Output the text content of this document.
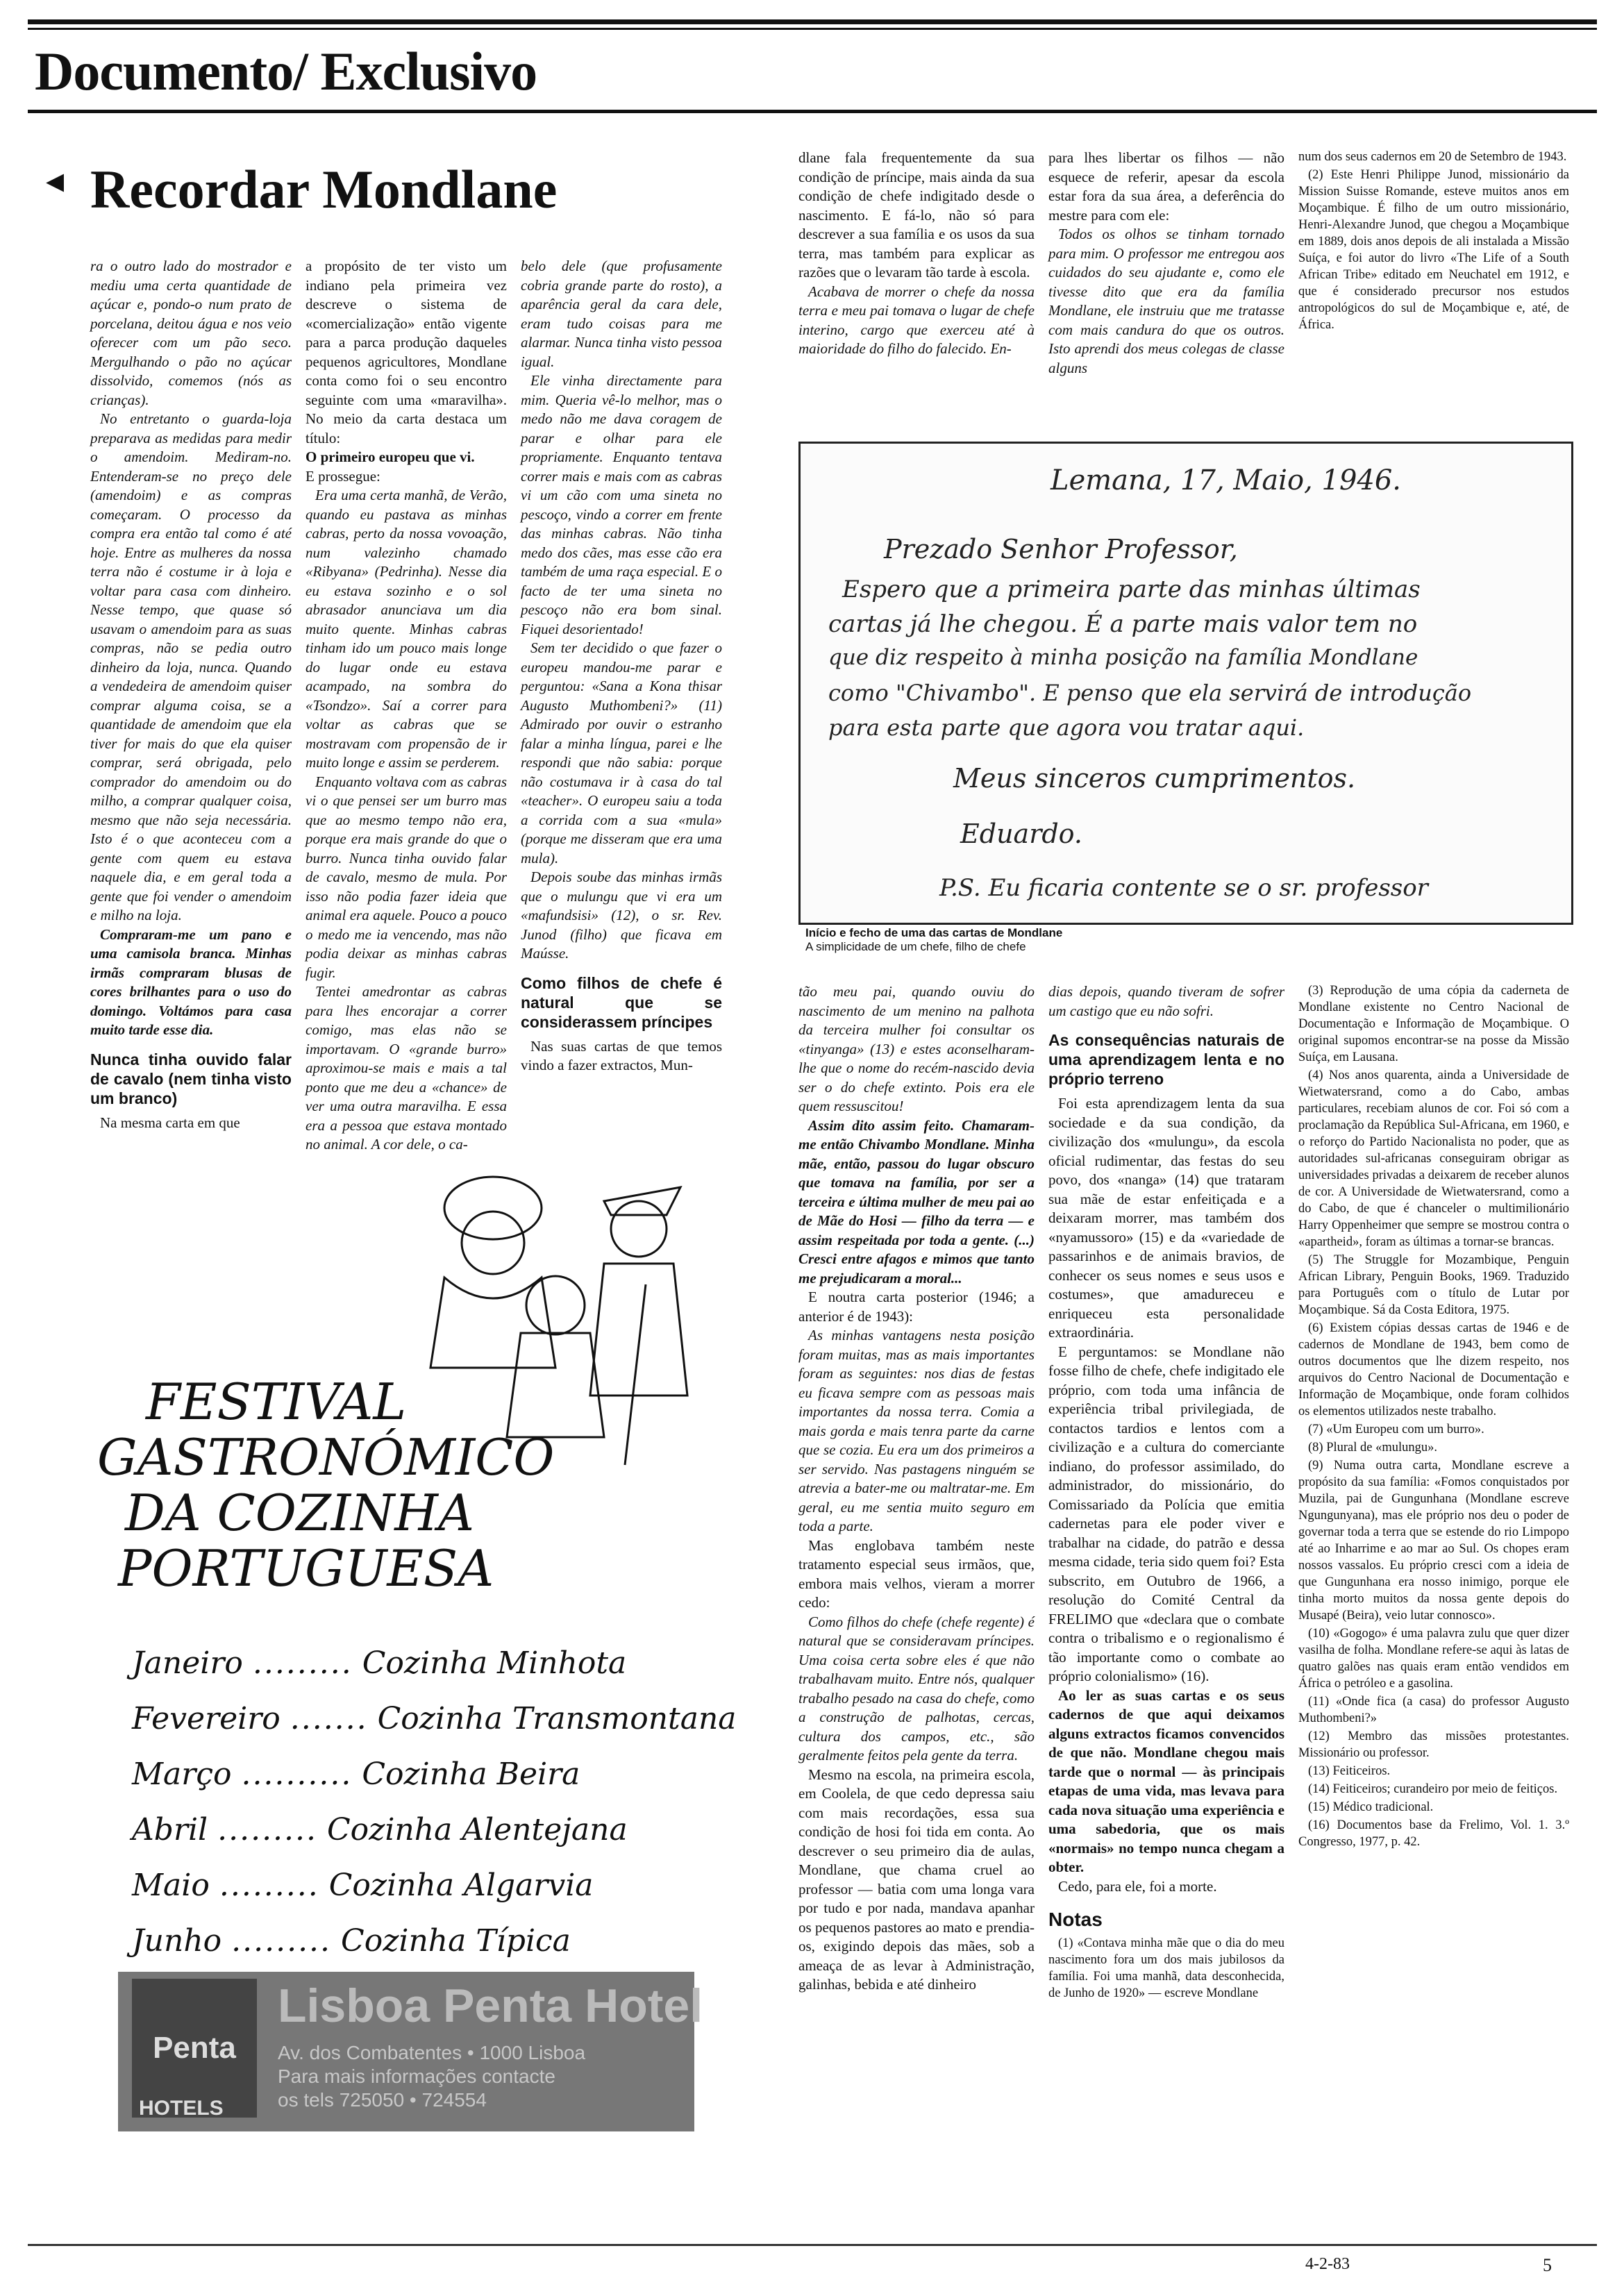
Documento/ Exclusivo
◂ Recordar Mondlane

ra o outro lado do mostrador e mediu uma certa quantidade de açúcar e, pondo-o num prato de porcelana, deitou água e nos veio oferecer com um pão seco. Mergulhando o pão no açúcar dissolvido, comemos (nós as crianças).

No entretanto o guarda-loja preparava as medidas para medir o amendoim. Mediram-no. Entenderam-se no preço dele (amendoim) e as compras começaram. O processo da compra era então tal como é até hoje. Entre as mulheres da nossa terra não é costume ir à loja e voltar para casa com dinheiro. Nesse tempo, que quase só usavam o amendoim para as suas compras, não se pedia outro dinheiro da loja, nunca. Quando a vendedeira de amendoim quiser comprar alguma coisa, se a quantidade de amendoim que ela tiver for mais do que ela quiser comprar, será obrigada, pelo comprador do amendoim ou do milho, a comprar qualquer coisa, mesmo que não seja necessária. Isto é o que aconteceu com a gente com quem eu estava naquele dia, e em geral toda a gente que foi vender o amendoim e milho na loja.

Compraram-me um pano e uma camisola branca. Minhas irmãs compraram blusas de cores brilhantes para o uso do domingo. Voltámos para casa muito tarde esse dia.

Nunca tinha ouvido falar de cavalo (nem tinha visto um branco)

Na mesma carta em que

a propósito de ter visto um indiano pela primeira vez descreve o sistema de «comercialização» então vigente para a parca produção daqueles pequenos agricultores, Mondlane conta como foi o seu encontro seguinte com uma «maravilha». No meio da carta destaca um título:

O primeiro europeu que vi.

E prossegue:

Era uma certa manhã, de Verão, quando eu pastava as minhas cabras, perto da nossa vovoação, num valezinho chamado «Ribyana» (Pedrinha). Nesse dia eu estava sozinho e o sol abrasador anunciava um dia muito quente. Minhas cabras tinham ido um pouco mais longe do lugar onde eu estava acampado, na sombra do «Tsondzo». Saí a correr para voltar as cabras que se mostravam com propensão de ir muito longe e assim se perderem.

Enquanto voltava com as cabras vi o que pensei ser um burro mas que ao mesmo tempo não era, porque era mais grande do que o burro. Nunca tinha ouvido falar de cavalo, mesmo de mula. Por isso não podia fazer ideia que animal era aquele. Pouco a pouco o medo me ia vencendo, mas não podia deixar as minhas cabras fugir.

Tentei amedrontar as cabras para lhes encorajar a correr comigo, mas elas não se importavam. O «grande burro» aproximou-se mais e mais a tal ponto que me deu a «chance» de ver uma outra maravilha. E essa era a pessoa que estava montado no animal. A cor dele, o ca-

belo dele (que profusamente cobria grande parte do rosto), a aparência geral da cara dele, eram tudo coisas para me alarmar. Nunca tinha visto pessoa igual.

Ele vinha directamente para mim. Queria vê-lo melhor, mas o medo não me dava coragem de parar e olhar para ele propriamente. Enquanto tentava correr mais e mais com as cabras vi um cão com uma sineta no pescoço, vindo a correr em frente das minhas cabras. Não tinha medo dos cães, mas esse cão era também de uma raça especial. E o facto de ter uma sineta no pescoço não era bom sinal. Fiquei desorientado!

Sem ter decidido o que fazer o europeu mandou-me parar e perguntou: «Sana a Kona thisar Augusto Muthombeni?» (11) Admirado por ouvir o estranho falar a minha língua, parei e lhe respondi que não sabia: porque não costumava ir à casa do tal «teacher». O europeu saiu a toda a corrida com a sua «mula» (porque me disseram que era uma mula).

Depois soube das minhas irmãs que o mulungu que vi era um «mafundsisi» (12), o sr. Rev. Junod (filho) que ficava em Maússe.

Como filhos de chefe é natural que se considerassem príncipes

Nas suas cartas de que temos vindo a fazer extractos, Mun-

dlane fala frequentemente da sua condição de príncipe, mais ainda da sua condição de chefe indigitado desde o nascimento. E fá-lo, não só para descrever a sua família e os usos da sua terra, mas também para explicar as razões que o levaram tão tarde à escola.

Acabava de morrer o chefe da nossa terra e meu pai tomava o lugar de chefe interino, cargo que exerceu até à maioridade do filho do falecido. En-

para lhes libertar os filhos — não esquece de referir, apesar da escola estar fora da sua área, a deferência do mestre para com ele:

Todos os olhos se tinham tornado para mim. O professor me entregou aos cuidados do seu ajudante e, como ele tivesse dito que era da família Mondlane, ele instruiu que me tratasse com mais candura do que os outros. Isto aprendi dos meus colegas de classe alguns

num dos seus cadernos em 20 de Setembro de 1943.

(2) Este Henri Philippe Junod, missionário da Mission Suisse Romande, esteve muitos anos em Moçambique. É filho de um outro missionário, Henri-Alexandre Junod, que chegou a Moçambique em 1889, dois anos depois de ali instalada a Missão Suíça, e foi autor do livro «The Life of a South African Tribe» editado em Neuchatel em 1912, e que é considerado precursor nos estudos antropológicos do sul de Moçambique e, até, de África.

Lemana, 17, Maio, 1946.
Prezado Senhor Professor,
Espero que a primeira parte das minhas últimas
cartas já lhe chegou. É a parte mais valor tem no
que diz respeito à minha posição na família Mondlane
como "Chivambo". E penso que ela servirá de introdução
para esta parte que agora vou tratar aqui.
Meus sinceros cumprimentos.
Eduardo.
P.S. Eu ficaria contente se o sr. professor
Início e fecho de uma das cartas de Mondlane
A simplicidade de um chefe, filho de chefe

tão meu pai, quando ouviu do nascimento de um menino na palhota da terceira mulher foi consultar os «tinyanga» (13) e estes aconselharam-lhe que o nome do recém-nascido devia ser o do chefe extinto. Pois era ele quem ressuscitou!

Assim dito assim feito. Chamaram-me então Chivambo Mondlane. Minha mãe, então, passou do lugar obscuro que tomava na família, por ser a terceira e última mulher de meu pai ao de Mãe do Hosi — filho da terra — e assim respeitada por toda a gente. (...) Cresci entre afagos e mimos que tanto me prejudicaram a moral...

E noutra carta posterior (1946; a anterior é de 1943):

As minhas vantagens nesta posição foram muitas, mas as mais importantes foram as seguintes: nos dias de festas eu ficava sempre com as pessoas mais importantes da nossa terra. Comia a mais gorda e mais tenra parte da carne que se cozia. Eu era um dos primeiros a ser servido. Nas pastagens ninguém se atrevia a bater-me ou maltratar-me. Em geral, eu me sentia muito seguro em toda a parte.

Mas englobava também neste tratamento especial seus irmãos, que, embora mais velhos, vieram a morrer cedo:

Como filhos do chefe (chefe regente) é natural que se consideravam príncipes. Uma coisa certa sobre eles é que não trabalhavam muito. Entre nós, qualquer trabalho pesado na casa do chefe, como a construção de palhotas, cercas, cultura dos campos, etc., são geralmente feitos pela gente da terra.

Mesmo na escola, na primeira escola, em Coolela, de que cedo depressa saiu com mais recordações, essa sua condição de hosi foi tida em conta. Ao descrever o seu primeiro dia de aulas, Mondlane, que chama cruel ao professor — batia com uma longa vara por tudo e por nada, mandava apanhar os pequenos pastores ao mato e prendia-os, exigindo depois das mães, sob a ameaça de as levar à Administração, galinhas, bebida e até dinheiro

dias depois, quando tiveram de sofrer um castigo que eu não sofri.

As consequências naturais de uma aprendizagem lenta e no próprio terreno

Foi esta aprendizagem lenta da sua sociedade e da sua condição, da civilização dos «mulungu», da escola oficial rudimentar, das festas do seu povo, dos «nanga» (14) que trataram sua mãe de estar enfeitiçada e a deixaram morrer, mas também dos «nyamussoro» (15) e da «variedade de passarinhos e de animais bravios, de conhecer os seus nomes e seus usos e costumes», que amadureceu e enriqueceu esta personalidade extraordinária.

E perguntamos: se Mondlane não fosse filho de chefe, chefe indigitado ele próprio, com toda uma infância de experiência tribal privilegiada, de contactos tardios e lentos com a civilização e a cultura do comerciante indiano, do professor assimilado, do administrador, do missionário, do Comissariado da Polícia que emitia cadernetas para ele poder viver e trabalhar na cidade, do patrão e dessa mesma cidade, teria sido quem foi? Esta subscrito, em Outubro de 1966, a resolução do Comité Central da FRELIMO que «declara que o combate contra o tribalismo e o regionalismo é tão importante como o combate ao próprio colonialismo» (16).

Ao ler as suas cartas e os seus cadernos de que aqui deixamos alguns extractos ficamos convencidos de que não. Mondlane chegou mais tarde que o normal — às principais etapas de uma vida, mas levava para cada nova situação uma experiência e uma sabedoria, que os mais «normais» no tempo nunca chegam a obter.

Cedo, para ele, foi a morte.

Notas

(1) «Contava minha mãe que o dia do meu nascimento fora um dos mais jubilosos da família. Foi uma manhã, data desconhecida, de Junho de 1920» — escreve Mondlane

(3) Reprodução de uma cópia da caderneta de Mondlane existente no Centro Nacional de Documentação e Informação de Moçambique. O original supomos encontrar-se na posse da Missão Suíça, em Lausana.

(4) Nos anos quarenta, ainda a Universidade de Wietwatersrand, como a do Cabo, ambas particulares, recebiam alunos de cor. Foi só com a proclamação da República Sul-Africana, em 1960, e o reforço do Partido Nacionalista no poder, que as autoridades sul-africanas conseguiram obrigar as universidades privadas a deixarem de receber alunos de cor. A Universidade de Wietwatersrand, como a do Cabo, de que é chanceler o multimilionário Harry Oppenheimer que sempre se mostrou contra o «apartheid», foram as últimas a tornar-se brancas.

(5) The Struggle for Mozambique, Penguin African Library, Penguin Books, 1969. Traduzido para Português com o título de Lutar por Moçambique. Sá da Costa Editora, 1975.

(6) Existem cópias dessas cartas de 1946 e de cadernos de Mondlane de 1943, bem como de outros documentos que lhe dizem respeito, nos arquivos do Centro Nacional de Documentação e Informação de Moçambique, onde foram colhidos os elementos utilizados neste trabalho.

(7) «Um Europeu com um burro».

(8) Plural de «mulungu».

(9) Numa outra carta, Mondlane escreve a propósito da sua família: «Fomos conquistados por Muzila, pai de Gungunhana (Mondlane escreve Ngungunyana), mas ele próprio nos deu o poder de governar toda a terra que se estende do rio Limpopo até ao Inharrime e ao mar ao Sul. Os chopes eram nossos vassalos. Eu próprio cresci com a ideia de que Gungunhana era nosso inimigo, porque ele tinha morto muitos da nossa gente depois do Musapé (Beira), veio lutar connosco».

(10) «Gogogo» é uma palavra zulu que quer dizer vasilha de folha. Mondlane refere-se aqui às latas de quatro galões nas quais eram então vendidos em África o petróleo e a gasolina.

(11) «Onde fica (a casa) do professor Augusto Muthombeni?»

(12) Membro das missões protestantes. Missionário ou professor.

(13) Feiticeiros.

(14) Feiticeiros; curandeiro por meio de feitiços.

(15) Médico tradicional.

(16) Documentos base da Frelimo, Vol. 1. 3.º Congresso, 1977, p. 42.

FESTIVAL
GASTRONÓMICO
DA COZINHA
PORTUGUESA
Janeiro ......... Cozinha Minhota
Fevereiro ....... Cozinha Transmontana
Março .......... Cozinha Beira
Abril ......... Cozinha Alentejana
Maio ......... Cozinha Algarvia
Junho ......... Cozinha Típica
Penta
HOTELS
Lisboa Penta Hotel
Av. dos Combatentes • 1000 Lisboa
Para mais informações contacte
os tels 725050 • 724554
4-2-83	5
